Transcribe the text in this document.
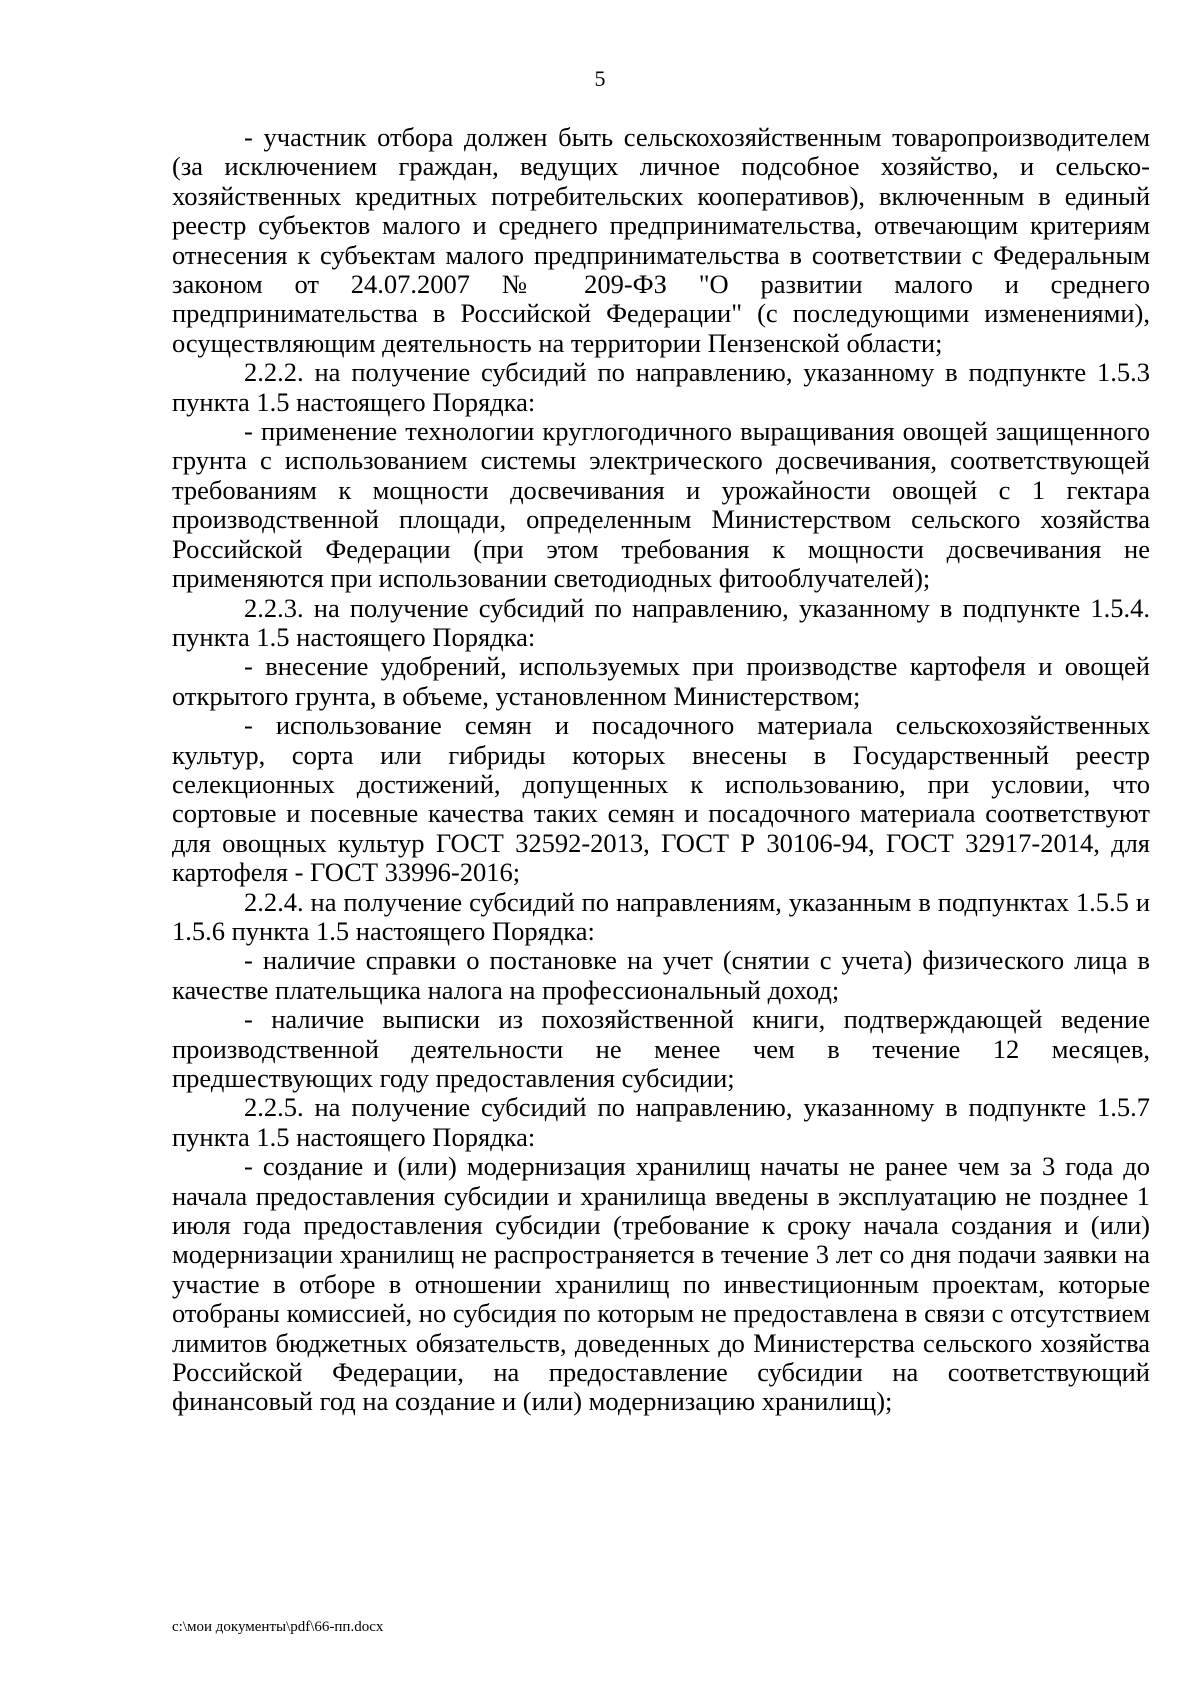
5

- участник отбора должен быть сельскохозяйственным товаропроизводителем (за исключением граждан, ведущих личное подсобное хозяйство, и сельско-хозяйственных кредитных потребительских кооперативов), включенным в единый реестр субъектов малого и среднего предпринимательства, отвечающим критериям отнесения к субъектам малого предпринимательства в соответствии с Федеральным законом от 24.07.2007 № 209-ФЗ "О развитии малого и среднего предпринимательства в Российской Федерации" (с последующими изменениями), осуществляющим деятельность на территории Пензенской области;

2.2.2. на получение субсидий по направлению, указанному в подпункте 1.5.3 пункта 1.5 настоящего Порядка:

- применение технологии круглогодичного выращивания овощей защищенного грунта с использованием системы электрического досвечивания, соответствующей требованиям к мощности досвечивания и урожайности овощей с 1 гектара производственной площади, определенным Министерством сельского хозяйства Российской Федерации (при этом требования к мощности досвечивания не применяются при использовании светодиодных фитооблучателей);

2.2.3. на получение субсидий по направлению, указанному в подпункте 1.5.4. пункта 1.5 настоящего Порядка:

- внесение удобрений, используемых при производстве картофеля и овощей открытого грунта, в объеме, установленном Министерством;

- использование семян и посадочного материала сельскохозяйственных культур, сорта или гибриды которых внесены в Государственный реестр селекционных достижений, допущенных к использованию, при условии, что сортовые и посевные качества таких семян и посадочного материала соответствуют для овощных культур ГОСТ 32592-2013, ГОСТ Р 30106-94, ГОСТ 32917-2014, для картофеля - ГОСТ 33996-2016;

2.2.4. на получение субсидий по направлениям, указанным в подпунктах 1.5.5 и 1.5.6 пункта 1.5 настоящего Порядка:

- наличие справки о постановке на учет (снятии с учета) физического лица в качестве плательщика налога на профессиональный доход;

- наличие выписки из похозяйственной книги, подтверждающей ведение производственной деятельности не менее чем в течение 12 месяцев, предшествующих году предоставления субсидии;

2.2.5. на получение субсидий по направлению, указанному в подпункте 1.5.7 пункта 1.5 настоящего Порядка:

- создание и (или) модернизация хранилищ начаты не ранее чем за 3 года до начала предоставления субсидии и хранилища введены в эксплуатацию не позднее 1 июля года предоставления субсидии (требование к сроку начала создания и (или) модернизации хранилищ не распространяется в течение 3 лет со дня подачи заявки на участие в отборе в отношении хранилищ по инвестиционным проектам, которые отобраны комиссией, но субсидия по которым не предоставлена в связи с отсутствием лимитов бюджетных обязательств, доведенных до Министерства сельского хозяйства Российской Федерации, на предоставление субсидии на соответствующий финансовый год на создание и (или) модернизацию хранилищ);

c:\мои документы\pdf\66-пп.docx
